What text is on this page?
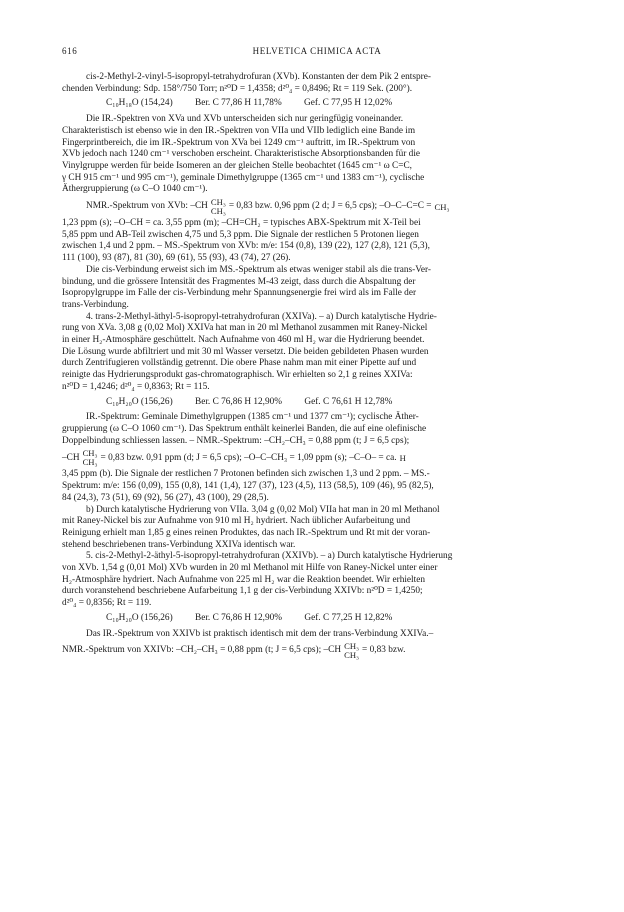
616	HELVETICA CHIMICA ACTA

cis-2-Methyl-2-vinyl-5-isopropyl-tetrahydrofuran (XVb). Konstanten der dem Pik 2 entspre-

chenden Verbindung: Sdp. 158°/750 Torr; n²⁰D = 1,4358; d²⁰₄ = 0,8496; Rt = 119 Sek. (200°).

C₁₀H₁₈O (154,24) Ber. C 77,86 H 11,78% Gef. C 77,95 H 12,02%

Die IR.-Spektren von XVa und XVb unterscheiden sich nur geringfügig voneinander.

Charakteristisch ist ebenso wie in den IR.-Spektren von VIIa und VIIb lediglich eine Bande im

Fingerprintbereich, die im IR.-Spektrum von XVa bei 1249 cm⁻¹ auftritt, im IR.-Spektrum von

XVb jedoch nach 1240 cm⁻¹ verschoben erscheint. Charakteristische Absorptionsbanden für die

Vinylgruppe werden für beide Isomeren an der gleichen Stelle beobachtet (1645 cm⁻¹ ω C=C,

γ CH 915 cm⁻¹ und 995 cm⁻¹), geminale Dimethylgruppe (1365 cm⁻¹ und 1383 cm⁻¹), cyclische

Äthergruppierung (ω C–O 1040 cm⁻¹).

NMR.-Spektrum von XVb: –CH CH₃
CH₃ = 0,83 bzw. 0,96 ppm (2 d; J = 6,5 cps); –O–C–C=C = CH₃

1,23 ppm (s); –O–CH = ca. 3,55 ppm (m); –CH=CH₂ = typisches ABX-Spektrum mit X-Teil bei

5,85 ppm und AB-Teil zwischen 4,75 und 5,3 ppm. Die Signale der restlichen 5 Protonen liegen

zwischen 1,4 und 2 ppm. – MS.-Spektrum von XVb: m/e: 154 (0,8), 139 (22), 127 (2,8), 121 (5,3),

111 (100), 93 (87), 81 (30), 69 (61), 55 (93), 43 (74), 27 (26).

Die cis-Verbindung erweist sich im MS.-Spektrum als etwas weniger stabil als die trans-Ver-

bindung, und die grössere Intensität des Fragmentes M-43 zeigt, dass durch die Abspaltung der

Isopropylgruppe im Falle der cis-Verbindung mehr Spannungsenergie frei wird als im Falle der

trans-Verbindung.

4. trans-2-Methyl-äthyl-5-isopropyl-tetrahydrofuran (XXIVa). – a) Durch katalytische Hydrie-

rung von XVa. 3,08 g (0,02 Mol) XXIVa hat man in 20 ml Methanol zusammen mit Raney-Nickel

in einer H₂-Atmosphäre geschüttelt. Nach Aufnahme von 460 ml H₂ war die Hydrierung beendet.

Die Lösung wurde abfiltriert und mit 30 ml Wasser versetzt. Die beiden gebildeten Phasen wurden

durch Zentrifugieren vollständig getrennt. Die obere Phase nahm man mit einer Pipette auf und

reinigte das Hydrierungsprodukt gas-chromatographisch. Wir erhielten so 2,1 g reines XXIVa:

n²⁰D = 1,4246; d²⁰₄ = 0,8363; Rt = 115.

C₁₀H₂₀O (156,26) Ber. C 76,86 H 12,90% Gef. C 76,61 H 12,78%

IR.-Spektrum: Geminale Dimethylgruppen (1385 cm⁻¹ und 1377 cm⁻¹); cyclische Äther-

gruppierung (ω C–O 1060 cm⁻¹). Das Spektrum enthält keinerlei Banden, die auf eine olefinische

Doppelbindung schliessen lassen. – NMR.-Spektrum: –CH₂–CH₃ = 0,88 ppm (t; J = 6,5 cps);

–CH CH₃
CH₃ = 0,83 bzw. 0,91 ppm (d; J = 6,5 cps); –O–C–CH₃ = 1,09 ppm (s); –C–O– = ca. H

3,45 ppm (b). Die Signale der restlichen 7 Protonen befinden sich zwischen 1,3 und 2 ppm. – MS.-

Spektrum: m/e: 156 (0,09), 155 (0,8), 141 (1,4), 127 (37), 123 (4,5), 113 (58,5), 109 (46), 95 (82,5),

84 (24,3), 73 (51), 69 (92), 56 (27), 43 (100), 29 (28,5).

b) Durch katalytische Hydrierung von VIIa. 3,04 g (0,02 Mol) VIIa hat man in 20 ml Methanol

mit Raney-Nickel bis zur Aufnahme von 910 ml H₂ hydriert. Nach üblicher Aufarbeitung und

Reinigung erhielt man 1,85 g eines reinen Produktes, das nach IR.-Spektrum und Rt mit der voran-

stehend beschriebenen trans-Verbindung XXIVa identisch war.

5. cis-2-Methyl-2-äthyl-5-isopropyl-tetrahydrofuran (XXIVb). – a) Durch katalytische Hydrierung

von XVb. 1,54 g (0,01 Mol) XVb wurden in 20 ml Methanol mit Hilfe von Raney-Nickel unter einer

H₂-Atmosphäre hydriert. Nach Aufnahme von 225 ml H₂ war die Reaktion beendet. Wir erhielten

durch voranstehend beschriebene Aufarbeitung 1,1 g der cis-Verbindung XXIVb: n²⁰D = 1,4250;

d²⁰₄ = 0,8356; Rt = 119.

C₁₀H₂₀O (156,26) Ber. C 76,86 H 12,90% Gef. C 77,25 H 12,82%

Das IR.-Spektrum von XXIVb ist praktisch identisch mit dem der trans-Verbindung XXIVa.–

NMR.-Spektrum von XXIVb: –CH₂–CH₃ = 0,88 ppm (t; J = 6,5 cps); –CH CH₃
CH₃ = 0,83 bzw.
